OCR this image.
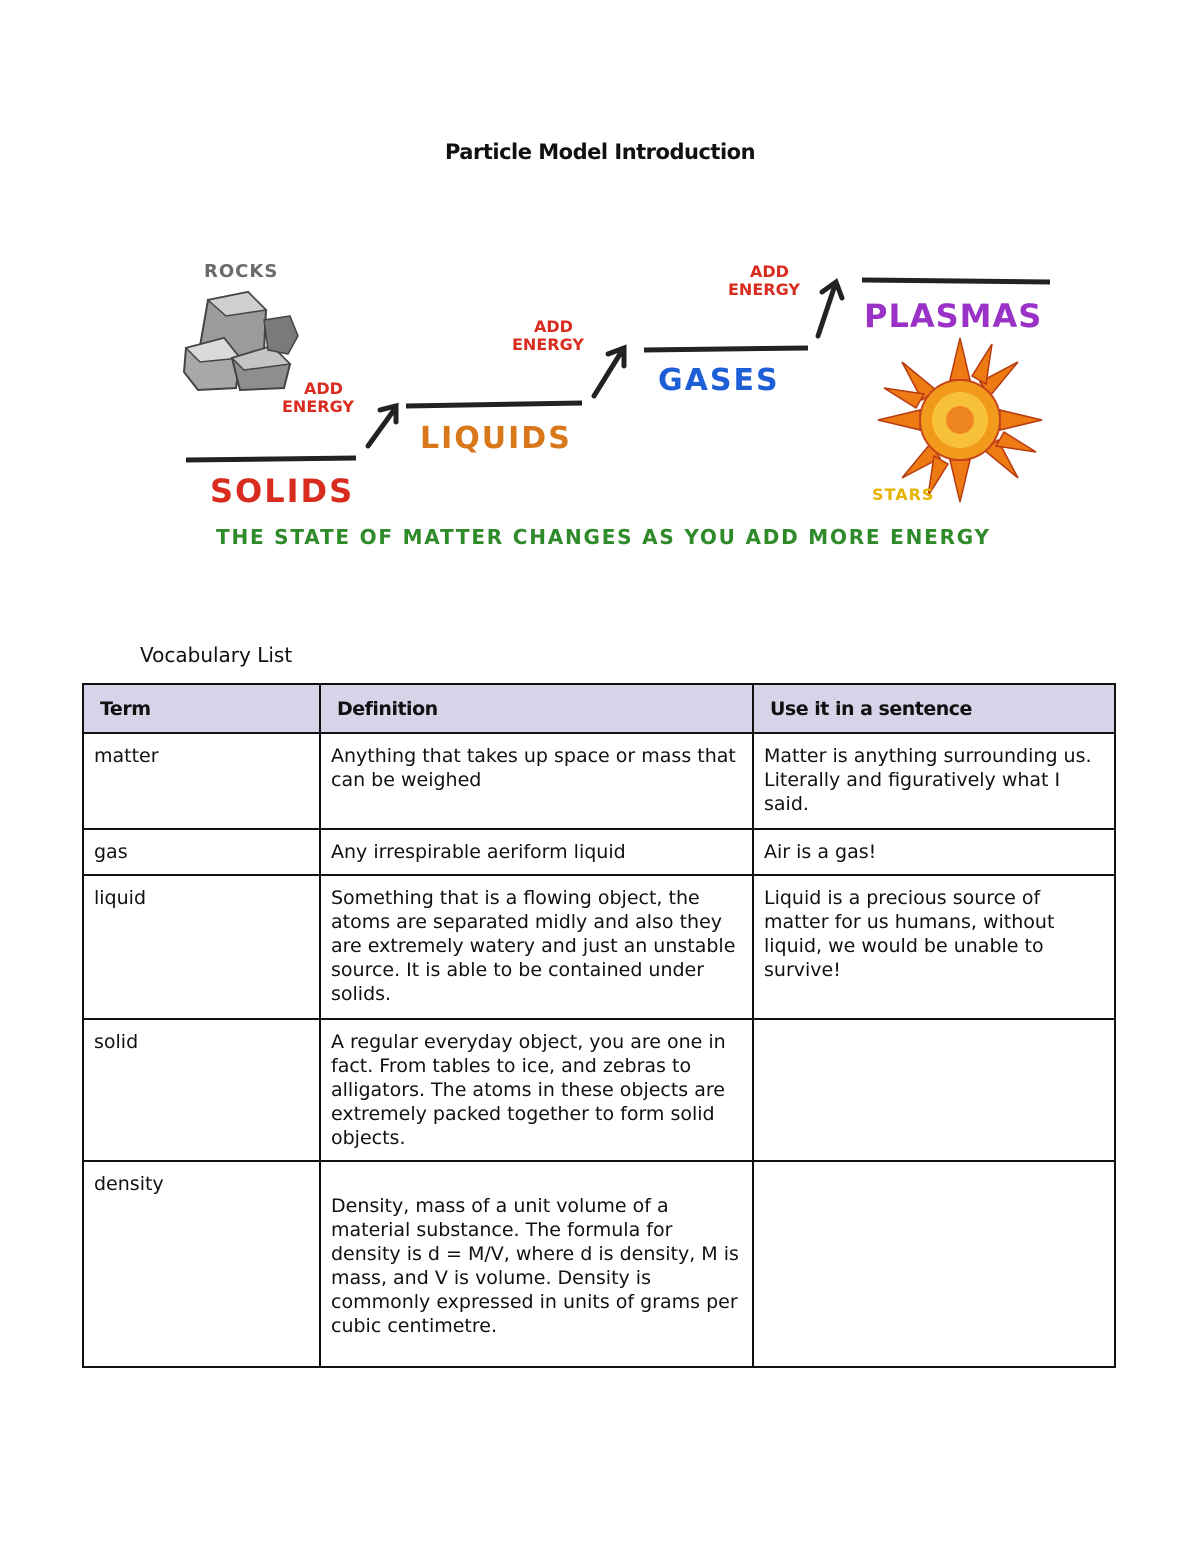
Particle Model Introduction
ROCKS
ADD
ENERGY
ADD
ENERGY
ADD
ENERGY
SOLIDS
LIQUIDS
GASES
PLASMAS
STARS
THE STATE OF MATTER CHANGES AS YOU ADD MORE ENERGY
Vocabulary List
Term	Definition	Use it in a sentence
matter	Anything that takes up space or mass that can be weighed	Matter is anything surrounding us. Literally and figuratively what I said.
gas	Any irrespirable aeriform liquid	Air is a gas!
liquid	Something that is a flowing object, the atoms are separated midly and also they are extremely watery and just an unstable source. It is able to be contained under solids.	Liquid is a precious source of matter for us humans, without liquid, we would be unable to survive!
solid	A regular everyday object, you are one in fact. From tables to ice, and zebras to alligators. The atoms in these objects are extremely packed together to form solid objects.	
density	Density, mass of a unit volume of a material substance. The formula for density is d = M/V, where d is density, M is mass, and V is volume. Density is commonly expressed in units of grams per cubic centimetre.	
